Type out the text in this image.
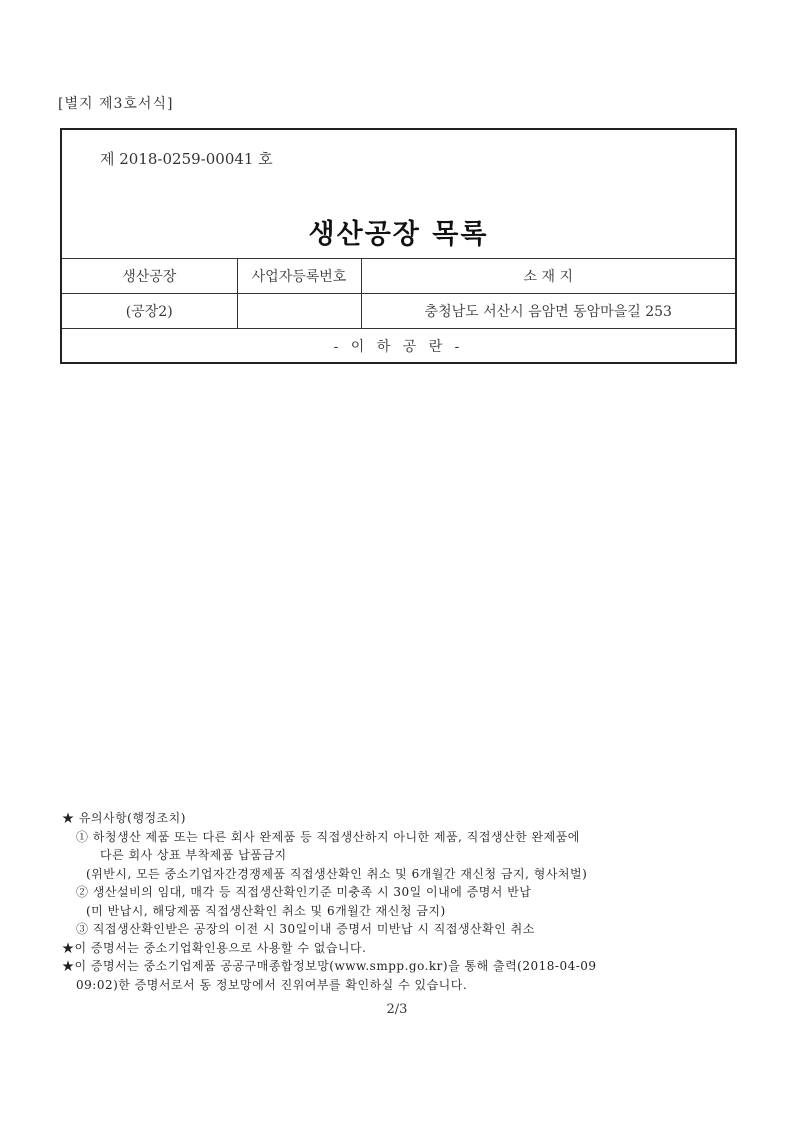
[별지 제3호서식]
제 2018-0259-00041 호
생산공장 목록
생산공장	사업자등록번호	소 재 지
(공장2)		충청남도 서산시 음암면 동암마을길 253
- 이 하 공 란 -		
★ 유의사항(행정조치)
① 하청생산 제품 또는 다른 회사 완제품 등 직접생산하지 아니한 제품, 직접생산한 완제품에
다른 회사 상표 부착제품 납품금지
(위반시, 모든 중소기업자간경쟁제품 직접생산확인 취소 및 6개월간 재신청 금지, 형사처벌)
② 생산설비의 임대, 매각 등 직접생산확인기준 미충족 시 30일 이내에 증명서 반납
(미 반납시, 해당제품 직접생산확인 취소 및 6개월간 재신청 금지)
③ 직접생산확인받은 공장의 이전 시 30일이내 증명서 미반납 시 직접생산확인 취소
★이 증명서는 중소기업확인용으로 사용할 수 없습니다.
★이 증명서는 중소기업제품 공공구매종합정보망(www.smpp.go.kr)을 통해 출력(2018-04-09
09:02)한 증명서로서 동 정보망에서 진위여부를 확인하실 수 있습니다.
2/3
